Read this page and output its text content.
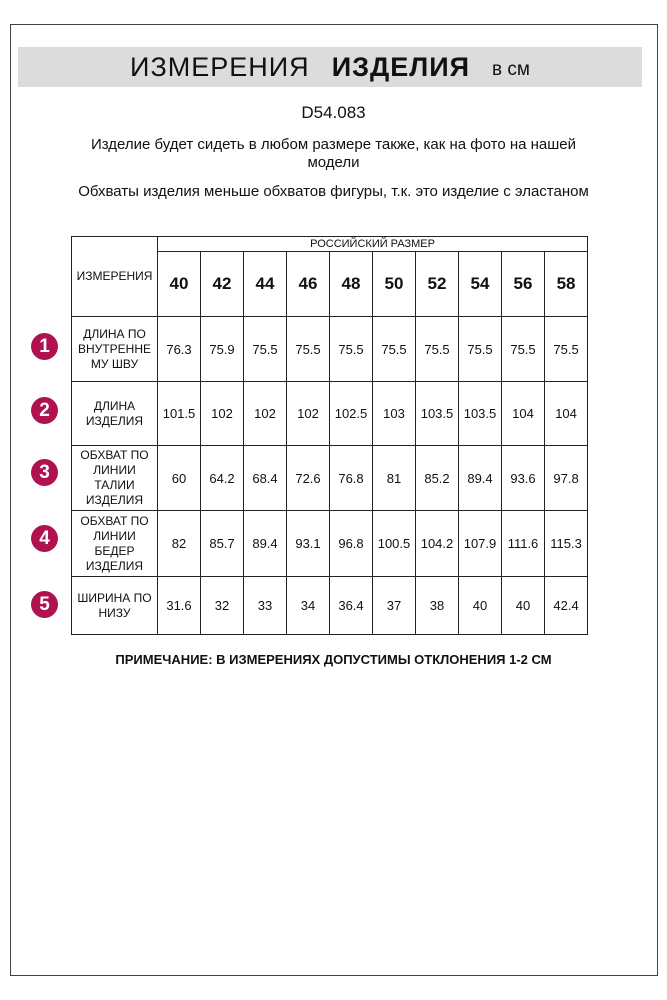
ИЗМЕРЕНИЯ ИЗДЕЛИЯ в см
D54.083
Изделие будет сидеть в любом размере также, как на фото на нашей модели
Обхваты изделия меньше обхватов фигуры, т.к. это изделие с эластаном
ИЗМЕРЕНИЯ	РОССИЙСКИЙ РАЗМЕР									
	40	42	44	46	48	50	52	54	56	58
ДЛИНА ПО ВНУТРЕННЕ МУ ШВУ	76.3	75.9	75.5	75.5	75.5	75.5	75.5	75.5	75.5	75.5
ДЛИНА ИЗДЕЛИЯ	101.5	102	102	102	102.5	103	103.5	103.5	104	104
ОБХВАТ ПО ЛИНИИ ТАЛИИ ИЗДЕЛИЯ	60	64.2	68.4	72.6	76.8	81	85.2	89.4	93.6	97.8
ОБХВАТ ПО ЛИНИИ БЕДЕР ИЗДЕЛИЯ	82	85.7	89.4	93.1	96.8	100.5	104.2	107.9	111.6	115.3
ШИРИНА ПО НИЗУ	31.6	32	33	34	36.4	37	38	40	40	42.4
1
2
3
4
5
ПРИМЕЧАНИЕ: В ИЗМЕРЕНИЯХ ДОПУСТИМЫ ОТКЛОНЕНИЯ 1-2 СМ
